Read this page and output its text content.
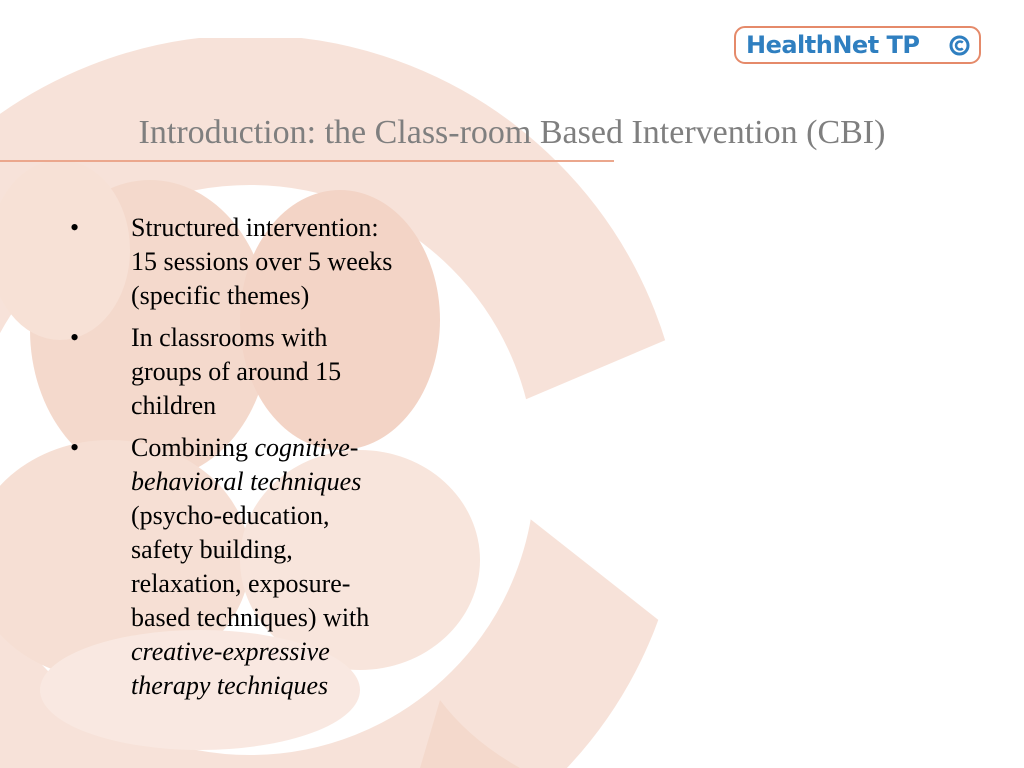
HealthNet TP
Introduction: the Class-room Based Intervention (CBI)
• Structured intervention:
15 sessions over 5 weeks
(specific themes)
• In classrooms with
groups of around 15
children
• Combining cognitive-
behavioral techniques
(psycho-education,
safety building,
relaxation, exposure-
based techniques) with
creative-expressive
therapy techniques
